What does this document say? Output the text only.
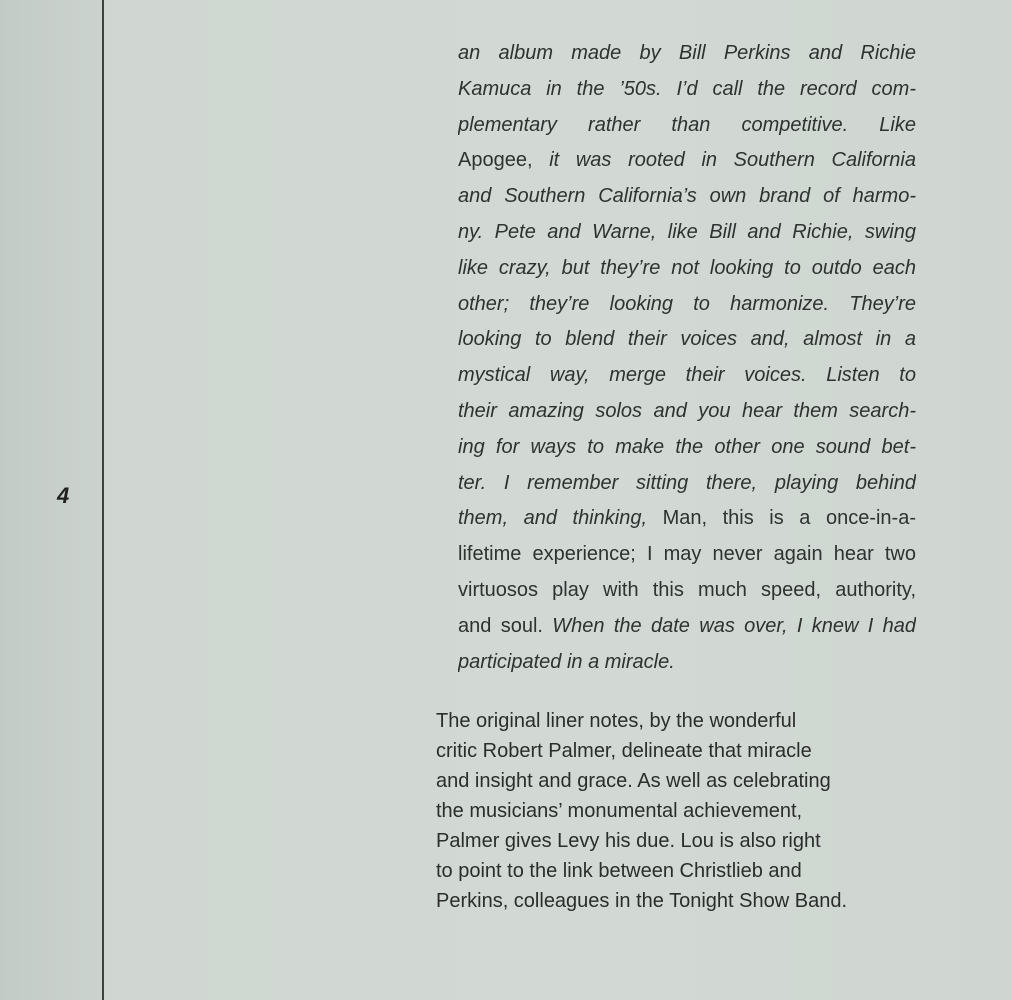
4
an album made by Bill Perkins and Richie
Kamuca in the ’50s. I’d call the record com-
plementary rather than competitive. Like
Apogee, it was rooted in Southern California
and Southern California’s own brand of harmo-
ny. Pete and Warne, like Bill and Richie, swing
like crazy, but they’re not looking to outdo each
other; they’re looking to harmonize. They’re
looking to blend their voices and, almost in a
mystical way, merge their voices. Listen to
their amazing solos and you hear them search-
ing for ways to make the other one sound bet-
ter. I remember sitting there, playing behind
them, and thinking, Man, this is a once-in-a-
lifetime experience; I may never again hear two
virtuosos play with this much speed, authority,
and soul. When the date was over, I knew I had
participated in a miracle.
The original liner notes, by the wonderful
critic Robert Palmer, delineate that miracle
and insight and grace. As well as celebrating
the musicians’ monumental achievement,
Palmer gives Levy his due. Lou is also right
to point to the link between Christlieb and
Perkins, colleagues in the Tonight Show Band.
